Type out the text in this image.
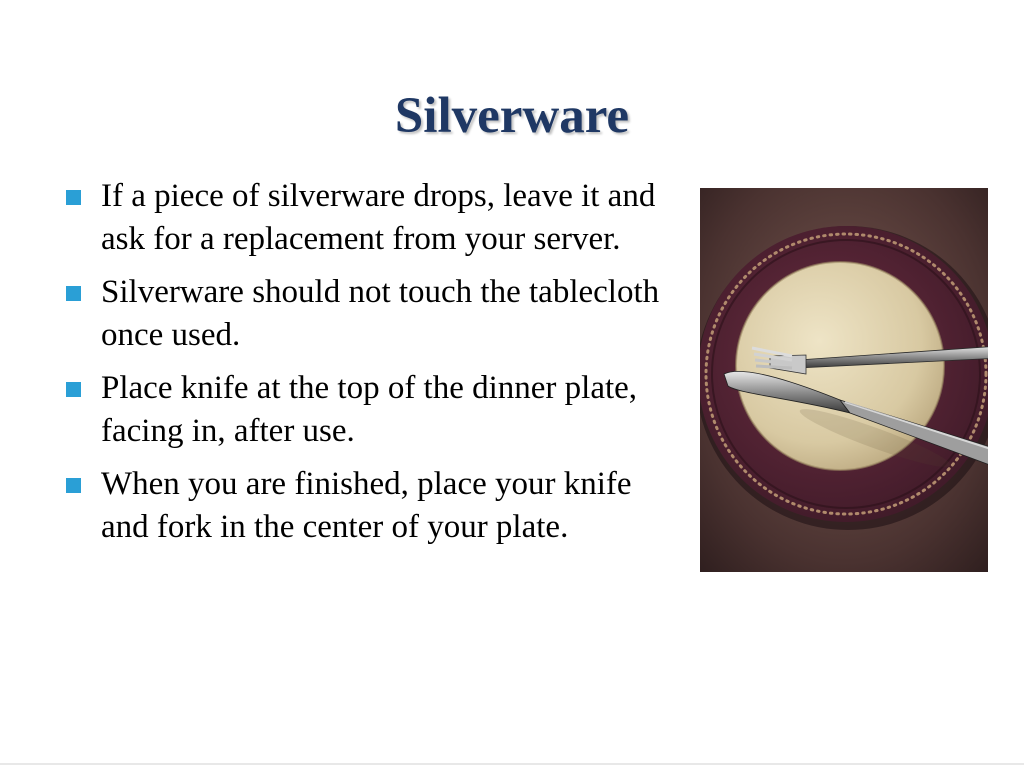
Silverware
If a piece of silverware drops, leave it and ask for a replacement from your server.
Silverware should not touch the tablecloth once used.
Place knife at the top of the dinner plate, facing in, after use.
When you are finished, place your knife and fork in the center of your plate.
